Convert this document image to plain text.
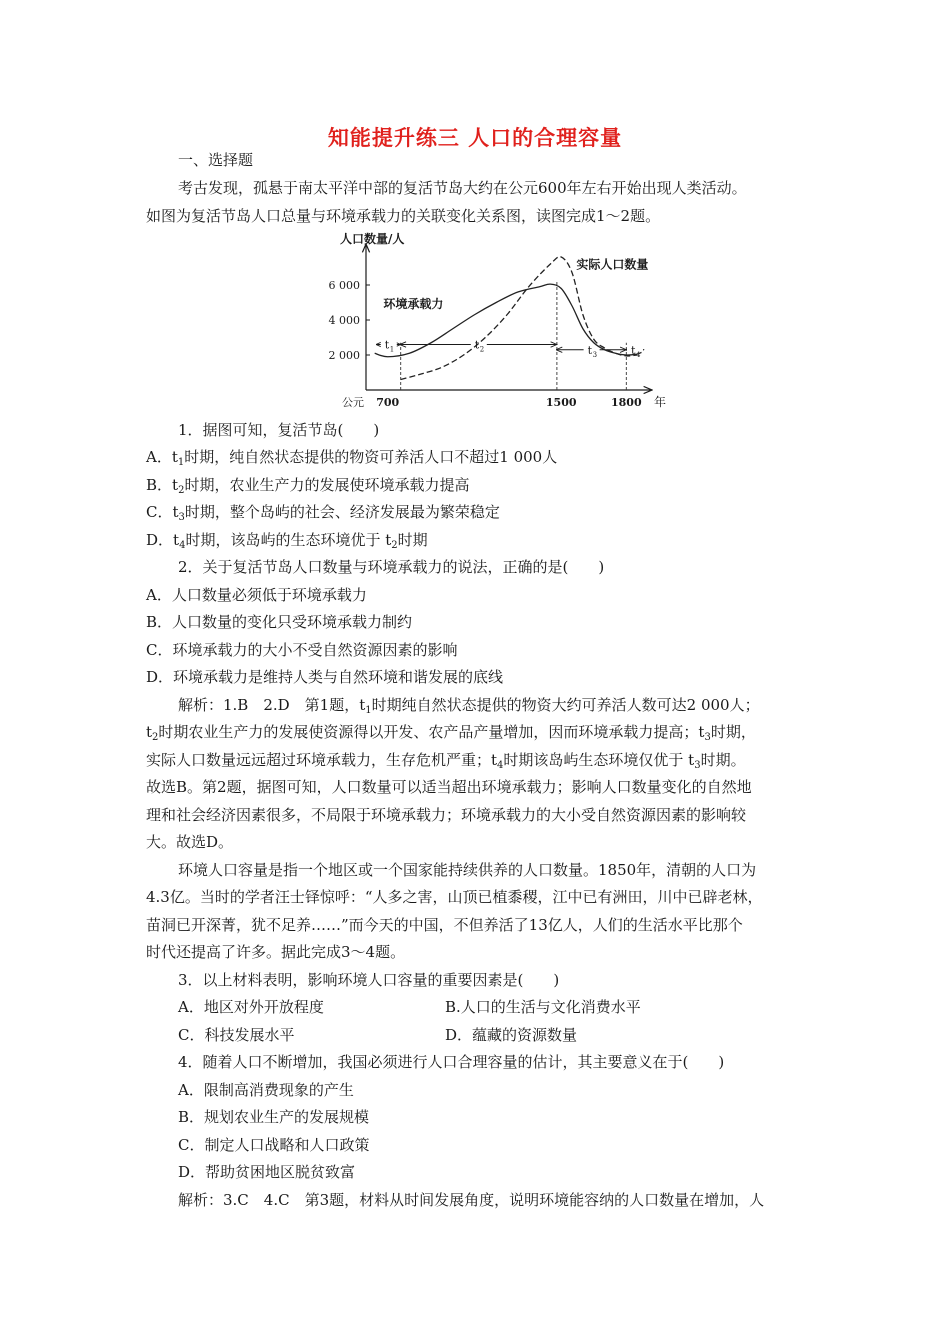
知能提升练三 人口的合理容量
一、选择题
考古发现，孤悬于南太平洋中部的复活节岛大约在公元600年左右开始出现人类活动。
如图为复活节岛人口总量与环境承载力的关联变化关系图，读图完成1～2题。
人口数量/人
2 000
4 000
6 000
公元 700	1500	1800 年
t 1	t 2	t 3	t 4
环境承载力
实际人口数量
1．据图可知，复活节岛(　　)
A．$t_1$时期，纯自然状态提供的物资可养活人口不超过1 000人
B．$t_2$时期，农业生产力的发展使环境承载力提高
C．$t_3$时期，整个岛屿的社会、经济发展最为繁荣稳定
D．$t_4$时期，该岛屿的生态环境优于 $t_2$时期
2．关于复活节岛人口数量与环境承载力的说法，正确的是(　　)
A．人口数量必须低于环境承载力
B．人口数量的变化只受环境承载力制约
C．环境承载力的大小不受自然资源因素的影响
D．环境承载力是维持人类与自然环境和谐发展的底线
解析：1.B　2.D　第1题，$t_1$时期纯自然状态提供的物资大约可养活人数可达2 000人；
$t_2$时期农业生产力的发展使资源得以开发、农产品产量增加，因而环境承载力提高；$t_3$时期，
实际人口数量远远超过环境承载力，生存危机严重；$t_4$时期该岛屿生态环境仅优于 $t_3$时期。
故选B。第2题，据图可知，人口数量可以适当超出环境承载力；影响人口数量变化的自然地
理和社会经济因素很多，不局限于环境承载力；环境承载力的大小受自然资源因素的影响较
大。故选D。
环境人口容量是指一个地区或一个国家能持续供养的人口数量。1850年，清朝的人口为
4.3亿。当时的学者汪士铎惊呼：“人多之害，山顶已植黍稷，江中已有洲田，川中已辟老林，
苗洞已开深菁，犹不足养……”而今天的中国，不但养活了13亿人，人们的生活水平比那个
时代还提高了许多。据此完成3～4题。
3．以上材料表明，影响环境人口容量的重要因素是(　　)
A．地区对外开放程度	B.人口的生活与文化消费水平
C．科技发展水平	D．蕴藏的资源数量
4．随着人口不断增加，我国必须进行人口合理容量的估计，其主要意义在于(　　)
A．限制高消费现象的产生
B．规划农业生产的发展规模
C．制定人口战略和人口政策
D．帮助贫困地区脱贫致富
解析：3.C　4.C　第3题，材料从时间发展角度，说明环境能容纳的人口数量在增加，人
